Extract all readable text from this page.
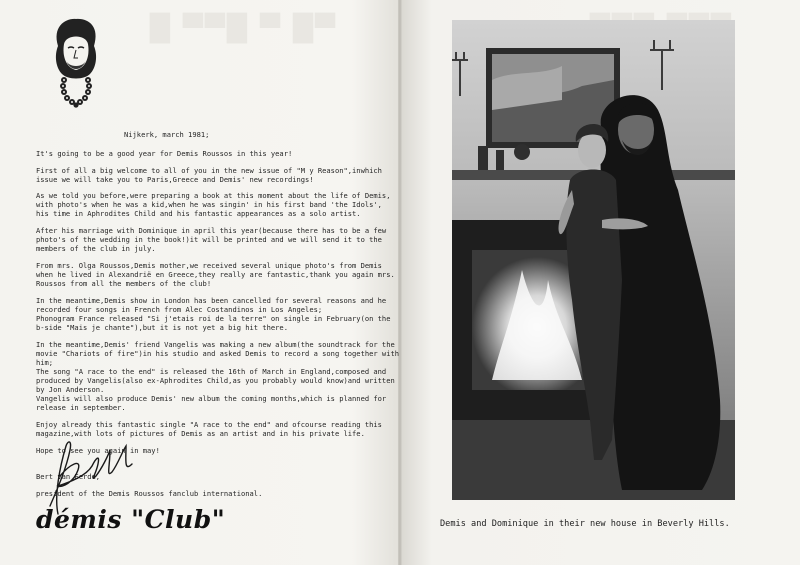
█ ▀▀█ ▀ █▀
Nijkerk, march 1981;
It's going to be a good year for Demis Roussos in this year!
First of all a big welcome to all of you in the new issue of "M y Reason",inwhich
issue we will take you to Paris,Greece and Demis' new recordings!
As we told you before,were preparing a book at this moment about the life of Demis,
with photo's when he was a kid,when he was singin' in his first band 'the Idols',
his time in Aphrodites Child and his fantastic appearances as a solo artist.
After his marriage with Dominique in april this year(because there has to be a few
photo's of the wedding in the book!)it will be printed and we will send it to the
members of the club in july.
From mrs. Olga Roussos,Demis mother,we received several unique photo's from Demis
when he lived in Alexandrië en Greece,they really are fantastic,thank you again mrs.
Roussos from all the members of the club!
In the meantime,Demis show in London has been cancelled for several reasons and he
recorded four songs in French from Alec Costandinos in Los Angeles;
Phonogram France released "Si j'etais roi de la terre" on single in February(on the
b-side "Mais je chante"),but it is not yet a big hit there.
In the meantime,Demis' friend Vangelis was making a new album(the soundtrack for the
movie "Chariots of fire")in his studio and asked Demis to record a song together with
him;
The song "A race to the end" is released the 16th of March in England,composed and
produced by Vangelis(also ex-Aphrodites Child,as you probably would know)and written
by Jon Anderson.
Vangelis will also produce Demis' new album the coming months,which is planned for
release in september.
Enjoy already this fantastic single "A race to the end" and ofcourse reading this
magazine,with lots of pictures of Demis as an artist and in his private life.
Hope to see you again in may!
Bert van Eerde,
president of the Demis Roussos fanclub international.
démis "Club"	Demis and Dominique in their new house in Beverly Hills.
